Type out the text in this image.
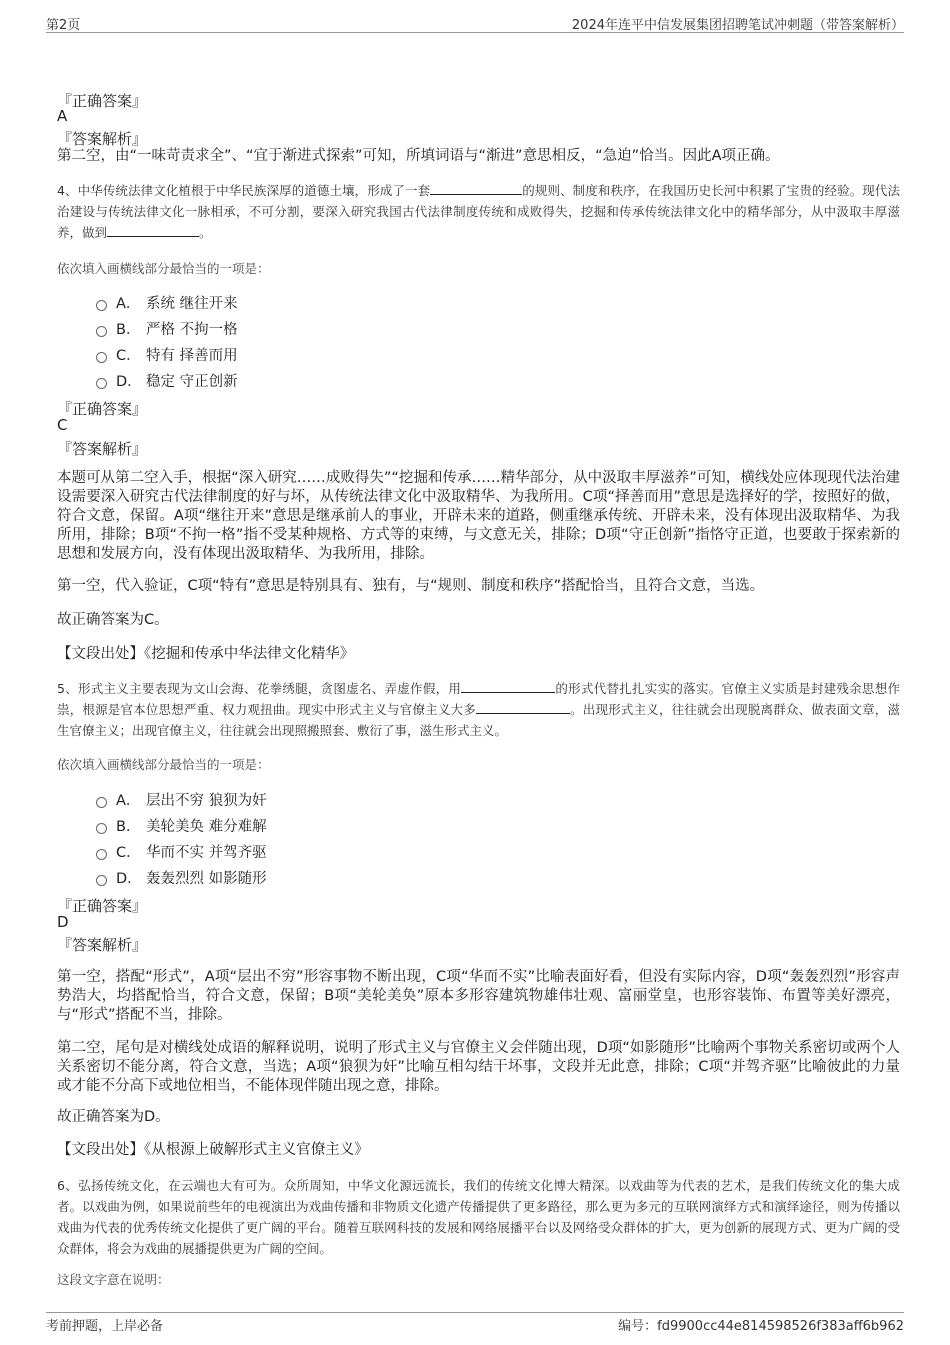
第2页	2024年连平中信发展集团招聘笔试冲刺题（带答案解析）
『正确答案』
A
『答案解析』
第二空，由“一味苛责求全”、“宜于渐进式探索”可知，所填词语与“渐进”意思相反，“急迫”恰当。因此A项正确。
4、中华传统法律文化植根于中华民族深厚的道德土壤，形成了一套	的规则、制度和秩序，在我国历史长河中积累了宝贵的经验。现代法治建设与传统法律文化一脉相承，不可分割，要深入研究我国古代法律制度传统和成败得失，挖掘和传承传统法律文化中的精华部分，从中汲取丰厚滋养，做到	。
依次填入画横线部分最恰当的一项是：
A． 系统 继往开来
B． 严格 不拘一格
C． 特有 择善而用
D． 稳定 守正创新
『正确答案』
C
『答案解析』
本题可从第二空入手，根据“深入研究……成败得失”“挖掘和传承……精华部分，从中汲取丰厚滋养”可知，横线处应体现现代法治建设需要深入研究古代法律制度的好与坏，从传统法律文化中汲取精华、为我所用。C项“择善而用”意思是选择好的学，按照好的做，符合文意，保留。A项“继往开来”意思是继承前人的事业，开辟未来的道路，侧重继承传统、开辟未来，没有体现出汲取精华、为我所用，排除；B项“不拘一格”指不受某种规格、方式等的束缚，与文意无关，排除；D项“守正创新”指恪守正道，也要敢于探索新的思想和发展方向，没有体现出汲取精华、为我所用，排除。
第一空，代入验证，C项“特有”意思是特别具有、独有，与“规则、制度和秩序”搭配恰当，且符合文意，当选。
故正确答案为C。
【文段出处】《挖掘和传承中华法律文化精华》
5、形式主义主要表现为文山会海、花拳绣腿，贪图虚名、弄虚作假，用	的形式代替扎扎实实的落实。官僚主义实质是封建残余思想作祟，根源是官本位思想严重、权力观扭曲。现实中形式主义与官僚主义大多	。出现形式主义，往往就会出现脱离群众、做表面文章，滋生官僚主义；出现官僚主义，往往就会出现照搬照套、敷衍了事，滋生形式主义。
依次填入画横线部分最恰当的一项是：
A． 层出不穷 狼狈为奸
B． 美轮美奂 难分难解
C． 华而不实 并驾齐驱
D． 轰轰烈烈 如影随形
『正确答案』
D
『答案解析』
第一空，搭配“形式”，A项“层出不穷”形容事物不断出现，C项“华而不实”比喻表面好看，但没有实际内容，D项“轰轰烈烈”形容声势浩大，均搭配恰当，符合文意，保留；B项“美轮美奂”原本多形容建筑物雄伟壮观、富丽堂皇，也形容装饰、布置等美好漂亮，与“形式”搭配不当，排除。
第二空，尾句是对横线处成语的解释说明，说明了形式主义与官僚主义会伴随出现，D项“如影随形”比喻两个事物关系密切或两个人关系密切不能分离，符合文意，当选；A项“狼狈为奸”比喻互相勾结干坏事，文段并无此意，排除；C项“并驾齐驱”比喻彼此的力量或才能不分高下或地位相当，不能体现伴随出现之意，排除。
故正确答案为D。
【文段出处】《从根源上破解形式主义官僚主义》
6、弘扬传统文化，在云端也大有可为。众所周知，中华文化源远流长，我们的传统文化博大精深。以戏曲等为代表的艺术，是我们传统文化的集大成者。以戏曲为例，如果说前些年的电视演出为戏曲传播和非物质文化遗产传播提供了更多路径，那么更为多元的互联网演绎方式和演绎途径，则为传播以戏曲为代表的优秀传统文化提供了更广阔的平台。随着互联网科技的发展和网络展播平台以及网络受众群体的扩大，更为创新的展现方式、更为广阔的受众群体，将会为戏曲的展播提供更为广阔的空间。
这段文字意在说明：
考前押题，上岸必备	编号：fd9900cc44e814598526f383aff6b962
